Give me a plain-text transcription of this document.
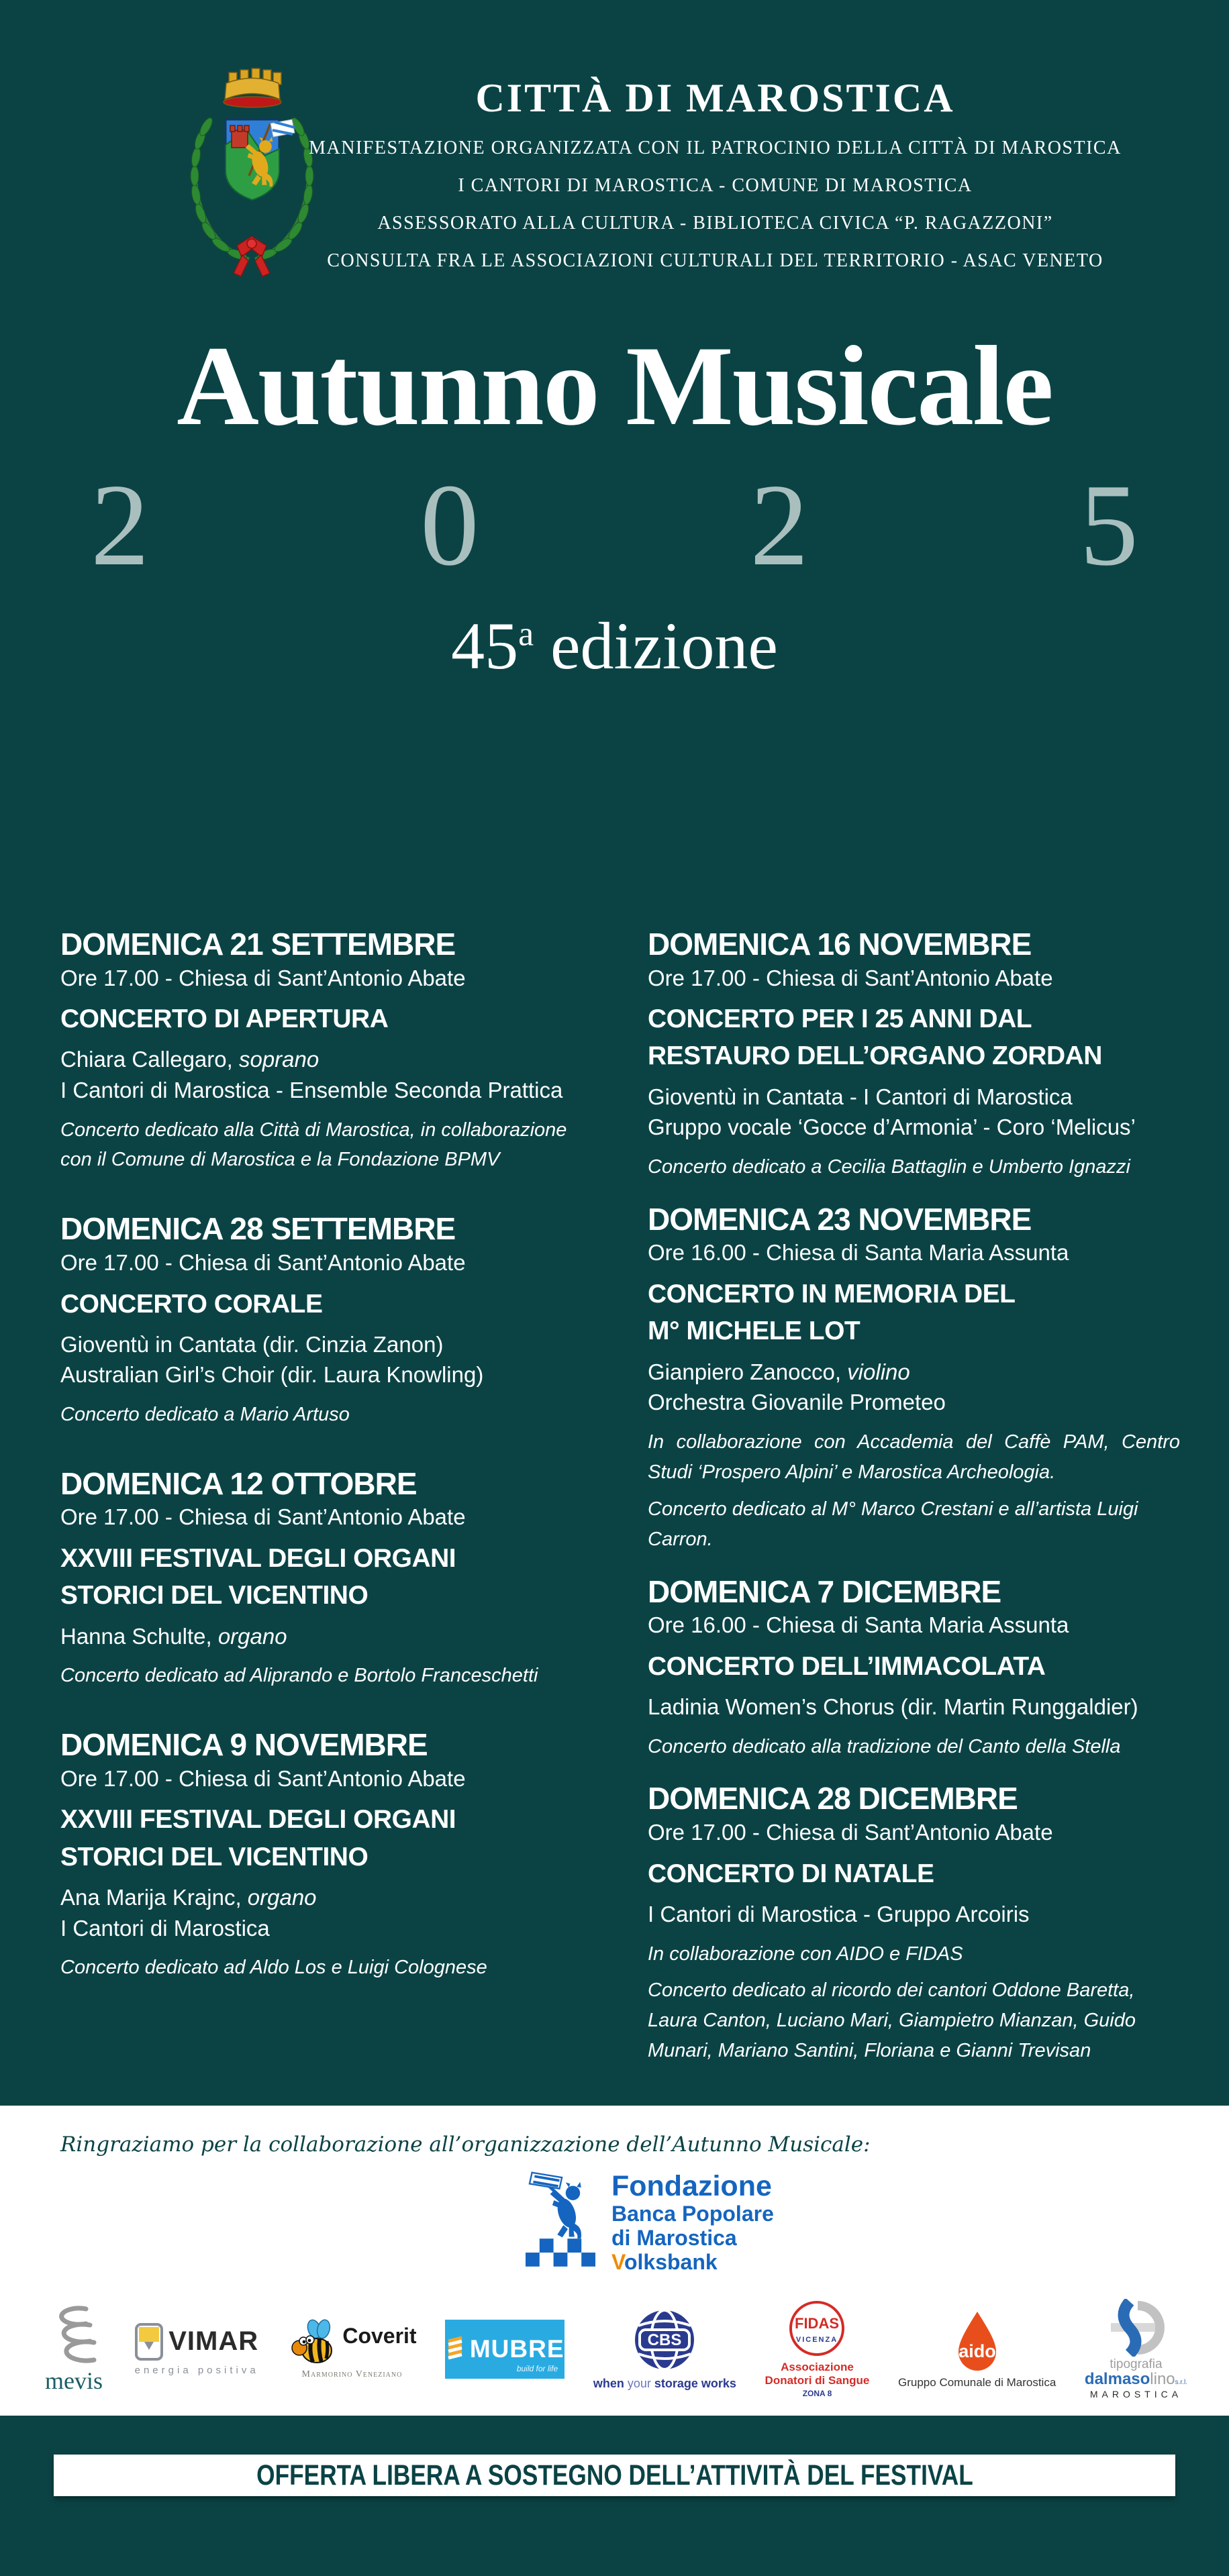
CITTÀ DI MAROSTICA
MANIFESTAZIONE ORGANIZZATA CON IL PATROCINIO DELLA CITTÀ DI MAROSTICA
I CANTORI DI MAROSTICA - COMUNE DI MAROSTICA
ASSESSORATO ALLA CULTURA - BIBLIOTECA CIVICA “P. RAGAZZONI”
CONSULTA FRA LE ASSOCIAZIONI CULTURALI DEL TERRITORIO - ASAC VENETO
Autunno Musicale
2 0 2 5
45$^a$ edizione
DOMENICA 21 SETTEMBRE
Ore 17.00 - Chiesa di Sant’Antonio Abate
CONCERTO DI APERTURA
Chiara Callegaro, soprano
I Cantori di Marostica - Ensemble Seconda Prattica
Concerto dedicato alla Città di Marostica, in collaborazione con il Comune di Marostica e la Fondazione BPMV
DOMENICA 28 SETTEMBRE
Ore 17.00 - Chiesa di Sant’Antonio Abate
CONCERTO CORALE
Gioventù in Cantata (dir. Cinzia Zanon)
Australian Girl’s Choir (dir. Laura Knowling)
Concerto dedicato a Mario Artuso
DOMENICA 12 OTTOBRE
Ore 17.00 - Chiesa di Sant’Antonio Abate
XXVIII FESTIVAL DEGLI ORGANI
STORICI DEL VICENTINO
Hanna Schulte, organo
Concerto dedicato ad Aliprando e Bortolo Franceschetti
DOMENICA 9 NOVEMBRE
Ore 17.00 - Chiesa di Sant’Antonio Abate
XXVIII FESTIVAL DEGLI ORGANI
STORICI DEL VICENTINO
Ana Marija Krajnc, organo
I Cantori di Marostica
Concerto dedicato ad Aldo Los e Luigi Colognese
DOMENICA 16 NOVEMBRE
Ore 17.00 - Chiesa di Sant’Antonio Abate
CONCERTO PER I 25 ANNI DAL
RESTAURO DELL’ORGANO ZORDAN
Gioventù in Cantata - I Cantori di Marostica
Gruppo vocale ‘Gocce d’Armonia’ - Coro ‘Melicus’
Concerto dedicato a Cecilia Battaglin e Umberto Ignazzi
DOMENICA 23 NOVEMBRE
Ore 16.00 - Chiesa di Santa Maria Assunta
CONCERTO IN MEMORIA DEL
M° MICHELE LOT
Gianpiero Zanocco, violino
Orchestra Giovanile Prometeo
In collaborazione con Accademia del Caffè PAM, Centro Studi ‘Prospero Alpini’ e Marostica Archeologia.
Concerto dedicato al M° Marco Crestani e all’artista Luigi Carron.
DOMENICA 7 DICEMBRE
Ore 16.00 - Chiesa di Santa Maria Assunta
CONCERTO DELL’IMMACOLATA
Ladinia Women’s Chorus (dir. Martin Runggaldier)
Concerto dedicato alla tradizione del Canto della Stella
DOMENICA 28 DICEMBRE
Ore 17.00 - Chiesa di Sant’Antonio Abate
CONCERTO DI NATALE
I Cantori di Marostica - Gruppo Arcoiris
In collaborazione con AIDO e FIDAS
Concerto dedicato al ricordo dei cantori Oddone Baretta, Laura Canton, Luciano Mari, Giampietro Mianzan, Guido Munari, Mariano Santini, Floriana e Gianni Trevisan
Ringraziamo per la collaborazione all’organizzazione dell’Autunno Musicale:
Fondazione
Banca Popolare
di Marostica
Volksbank
mevis
VIMAR
energia positiva
Coverit
Marmorino Veneziano
MUBRE
build for life
CBS
when your storage works
FIDAS
VICENZA
Associazione
Donatori di Sangue
ZONA 8
aido
Gruppo Comunale di Marostica
tipografia
dalmasolinos.r.l.
MAROSTICA
OFFERTA LIBERA A SOSTEGNO DELL’ATTIVITÀ DEL FESTIVAL
